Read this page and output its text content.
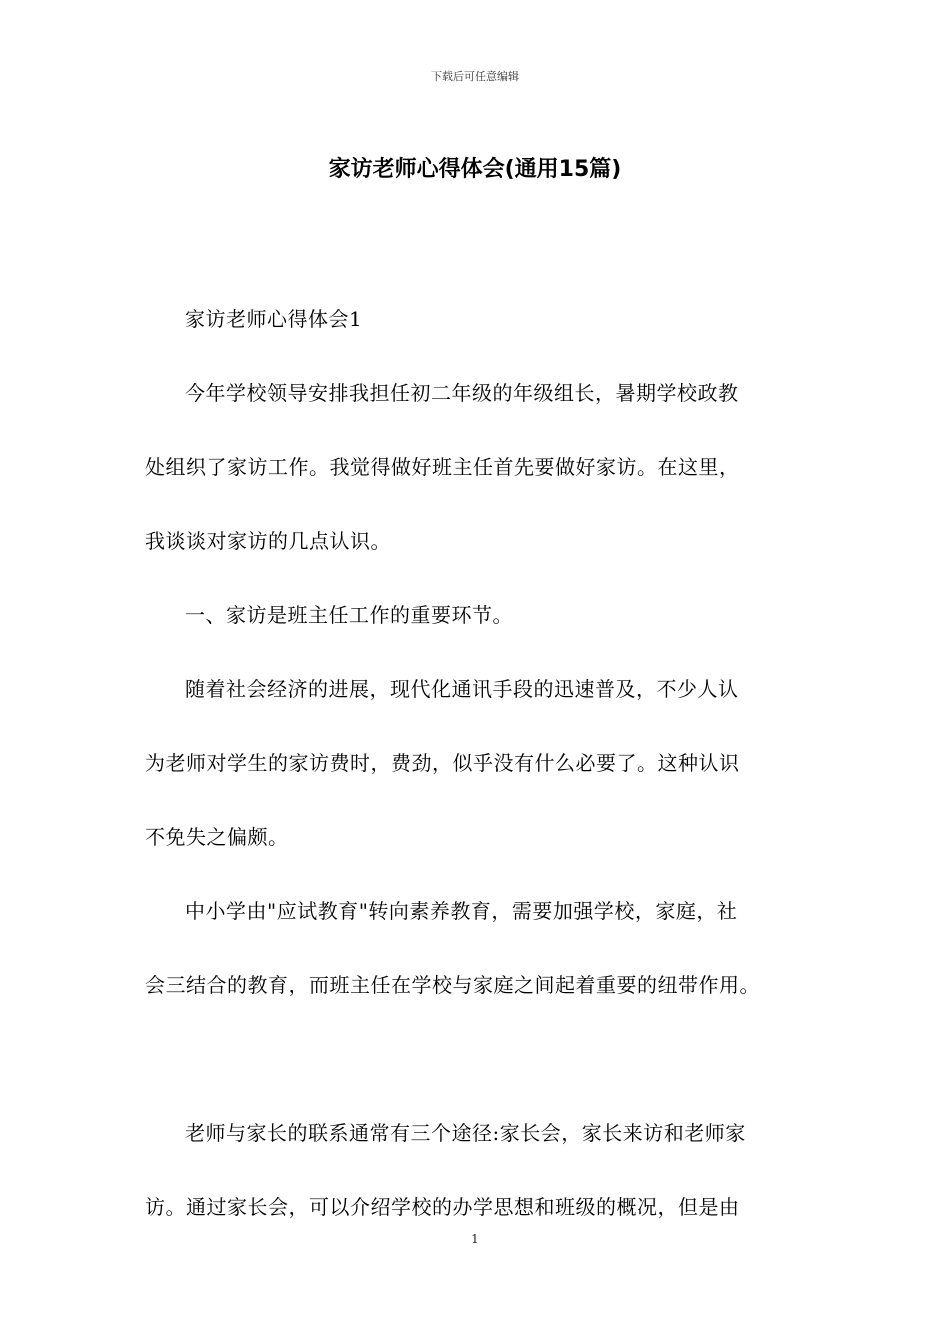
下载后可任意编辑
家访老师心得体会(通用15篇)

家访老师心得体会1

今年学校领导安排我担任初二年级的年级组长，暑期学校政教
处组织了家访工作。我觉得做好班主任首先要做好家访。在这里，
我谈谈对家访的几点认识。

一、家访是班主任工作的重要环节。

随着社会经济的进展，现代化通讯手段的迅速普及，不少人认
为老师对学生的家访费时，费劲，似乎没有什么必要了。这种认识
不免失之偏颇。

中小学由"应试教育"转向素养教育，需要加强学校，家庭，社
会三结合的教育，而班主任在学校与家庭之间起着重要的纽带作用。

老师与家长的联系通常有三个途径:家长会，家长来访和老师家
访。通过家长会，可以介绍学校的办学思想和班级的概况，但是由

1
